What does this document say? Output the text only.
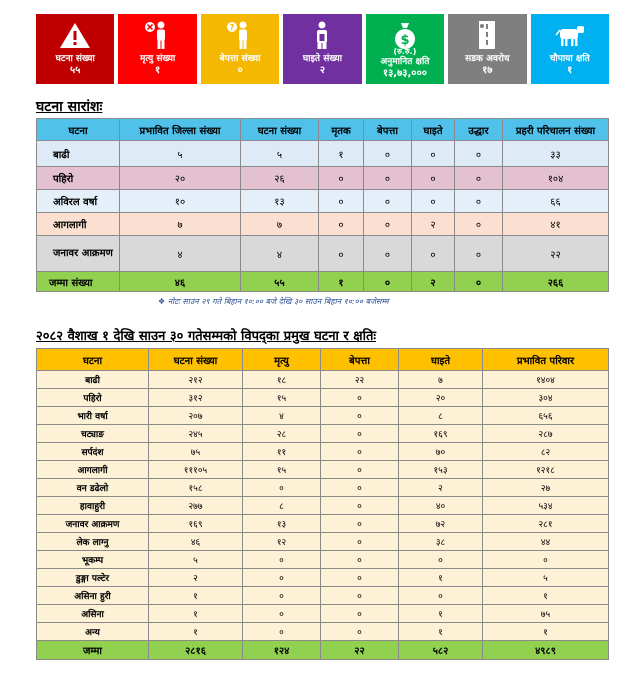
घटना संख्या
५५
मृत्यु संख्या
१
?
बेपत्ता संख्या
०
घाइते संख्या
२
$
(रु.रु.)
अनुमानित क्षति
१३,७३,०००
सडक अवरोध
१७
चौपाया क्षति
१
घटना सारांशः
घटना	प्रभावित जिल्ला संख्या	घटना संख्या	मृतक	बेपत्ता	घाइते	उद्धार	प्रहरी परिचालन संख्या
बाढी	५	५	१	०	०	०	३३
पहिरो	२०	२६	०	०	०	०	१०४
अविरल वर्षा	१०	१३	०	०	०	०	६६
आगलागी	७	७	०	०	२	०	४१
जनावर आक्रमण	४	४	०	०	०	०	२२
जम्मा संख्या	४६	५५	१	०	२	०	२६६
❖ नोटः साउन २९ गते बिहान १०:०० बजे देखि ३० साउन बिहान १०:०० बजेसम्म
२०८२ वैशाख १ देखि साउन ३० गतेसम्मको विपद्का प्रमुख घटना र क्षतिः
घटना	घटना संख्या	मृत्यु	बेपत्ता	घाइते	प्रभावित परिवार
बाढी	२१२	१८	२२	७	१४०४
पहिरो	३१२	१५	०	२०	३०४
भारी वर्षा	२०७	४	०	८	६५६
चट्याङ	२४५	२८	०	१६९	२८७
सर्पदंश	७५	११	०	७०	८२
आगलागी	१११०५	१५	०	१५३	१२१८
वन डढेलो	१५८	०	०	२	२७
हावाहुरी	२७७	८	०	४०	५३४
जनावर आक्रमण	१६९	१३	०	७२	२८१
लेक लाग्नु	४६	१२	०	३८	४४
भूकम्प	५	०	०	०	०
डुङ्गा पल्टेर	२	०	०	१	५
असिना हुरी	१	०	०	०	१
असिना	१	०	०	१	७५
अन्य	१	०	०	१	१
जम्मा	२८१६	१२४	२२	५८२	४९८९
